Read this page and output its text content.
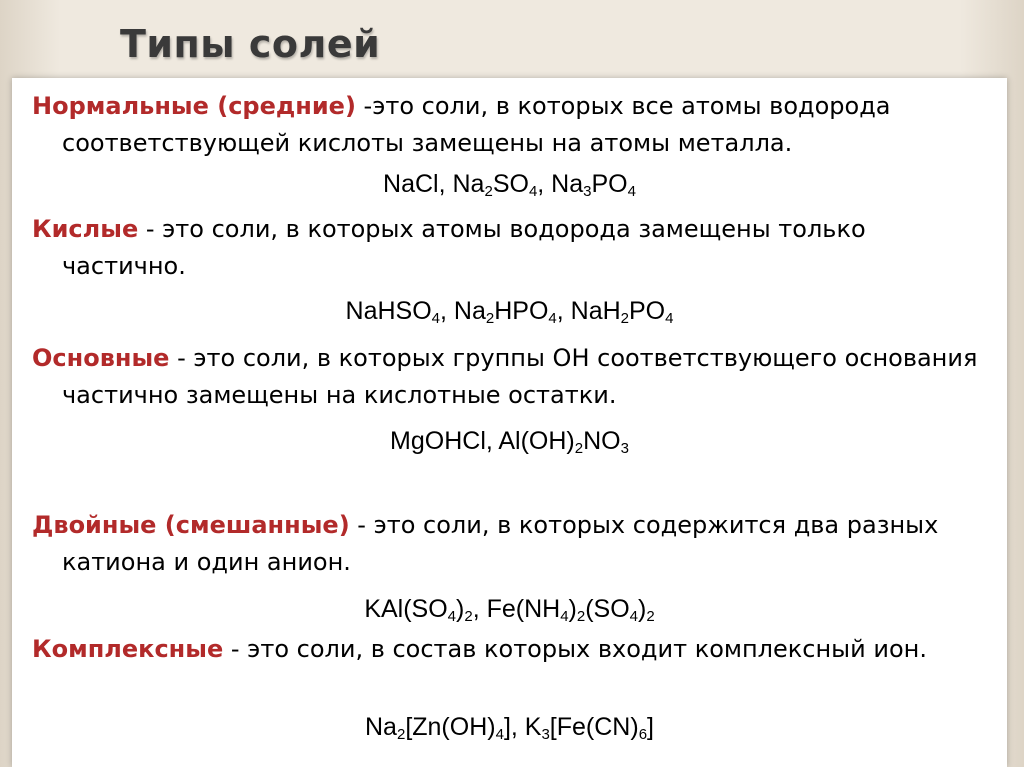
Типы солей
Нормальные (средние) -это соли, в которых все атомы водорода соответствующей кислоты замещены на атомы металла.
NaCl, $Na_2SO_4$, $Na_3PO_4$
Кислые - это соли, в которых атомы водорода замещены только частично.
NaHSO$_4$, $Na_2HPO_4$, $NaH_2PO_4$
Основные - это соли, в которых группы ОН соответствующего основания частично замещены на кислотные остатки.
MgOHCl, $Al(OH)_2NO_3$
Двойные (смешанные) - это соли, в которых содержится два разных катиона и один анион.
$KAl(SO_4)_2$, $Fe(NH_4)_2(SO_4)_2$
Комплексные - это соли, в состав которых входит комплексный ион.
$Na_2[Zn(OH)_4]$, $K_3[Fe(CN)_6]$
